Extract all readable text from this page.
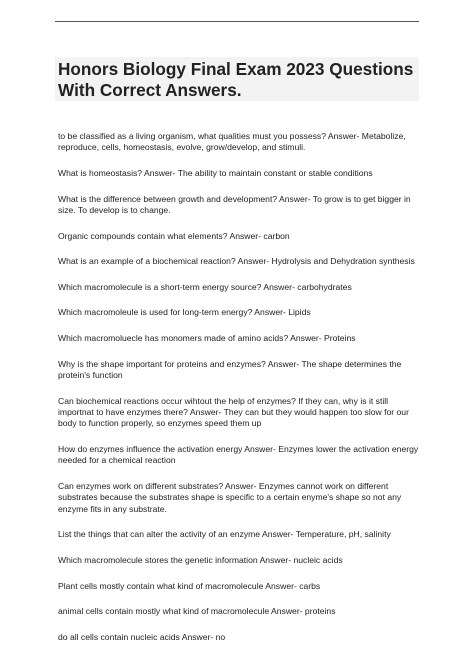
Honors Biology Final Exam 2023 Questions With Correct Answers.
to be classified as a living organism, what qualities must you possess? Answer- Metabolize, reproduce, cells, homeostasis, evolve, grow/develop, and stimuli.
What is homeostasis? Answer- The ability to maintain constant or stable conditions
What is the difference between growth and development? Answer- To grow is to get bigger in size. To develop is to change.
Organic compounds contain what elements? Answer- carbon
What is an example of a biochemical reaction? Answer- Hydrolysis and Dehydration synthesis
Which macromolecule is a short-term energy source? Answer- carbohydrates
Which macromoleule is used for long-term energy? Answer- Lipids
Which macromoluecle has monomers made of amino acids? Answer- Proteins
Why is the shape important for proteins and enzymes? Answer- The shape determines the protein's function
Can biochemical reactions occur wihtout the help of enzymes? If they can, why is it still importnat to have enzymes there? Answer- They can but they would happen too slow for our body to function properly, so enzymes speed them up
How do enzymes influence the activation energy Answer- Enzymes lower the activation energy needed for a chemical reaction
Can enzymes work on different substrates? Answer- Enzymes cannot work on different substrates because the substrates shape is specific to a certain enyme's shape so not any enzyme fits in any substrate.
List the things that can alter the activity of an enzyme Answer- Temperature, pH, salinity
Which macromolecule stores the genetic information Answer- nucleic acids
Plant cells mostly contain what kind of macromolecule Answer- carbs
animal cells contain mostly what kind of macromolecule Answer- proteins
do all cells contain nucleic acids Answer- no
